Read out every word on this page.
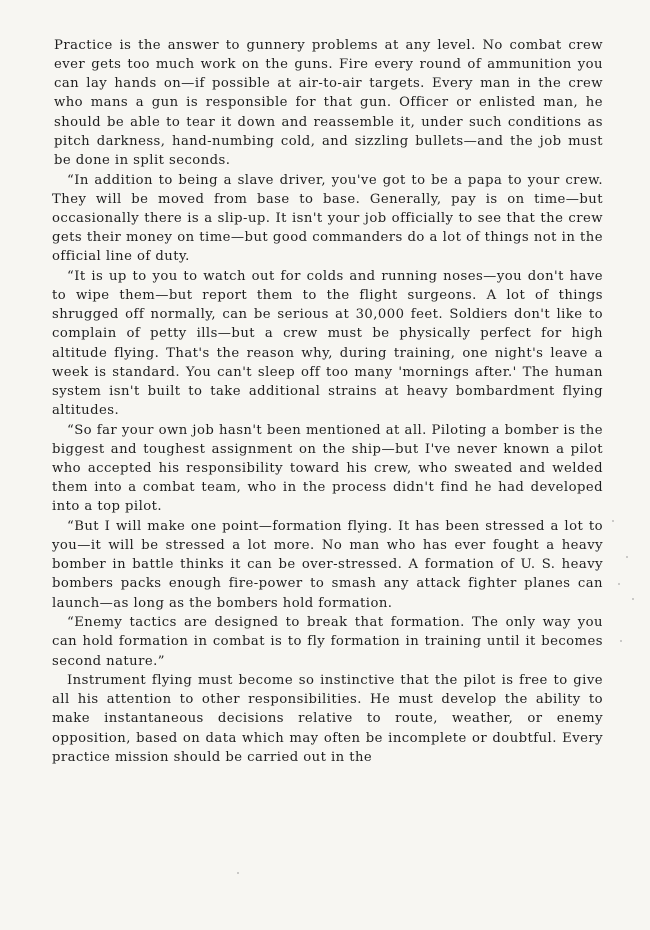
Practice is the answer to gunnery problems at any level. No combat crew ever gets too much work on the guns. Fire every round of ammunition you can lay hands on—if possible at air-to-air targets. Every man in the crew who mans a gun is responsible for that gun. Officer or enlisted man, he should be able to tear it down and reassemble it, under such conditions as pitch darkness, hand-numbing cold, and sizzling bullets—and the job must be done in split seconds.

“In addition to being a slave driver, you've got to be a papa to your crew. They will be moved from base to base. Generally, pay is on time—but occasionally there is a slip-up. It isn't your job officially to see that the crew gets their money on time—but good commanders do a lot of things not in the official line of duty.

“It is up to you to watch out for colds and running noses—you don't have to wipe them—but report them to the flight surgeons. A lot of things shrugged off normally, can be serious at 30,000 feet. Soldiers don't like to complain of petty ills—but a crew must be physically perfect for high altitude flying. That's the reason why, during training, one night's leave a week is standard. You can't sleep off too many 'mornings after.' The human system isn't built to take additional strains at heavy bombardment flying altitudes.

“So far your own job hasn't been mentioned at all. Piloting a bomber is the biggest and toughest assignment on the ship—but I've never known a pilot who accepted his responsibility toward his crew, who sweated and welded them into a combat team, who in the process didn't find he had developed into a top pilot.

“But I will make one point—formation flying. It has been stressed a lot to you—it will be stressed a lot more. No man who has ever fought a heavy bomber in battle thinks it can be over-stressed. A formation of U. S. heavy bombers packs enough fire-power to smash any attack fighter planes can launch—as long as the bombers hold formation.

“Enemy tactics are designed to break that formation. The only way you can hold formation in combat is to fly formation in training until it becomes second nature.”

Instrument flying must become so instinctive that the pilot is free to give all his attention to other responsibilities. He must develop the ability to make instantaneous decisions relative to route, weather, or enemy opposition, based on data which may often be incomplete or doubtful. Every practice mission should be carried out in the
